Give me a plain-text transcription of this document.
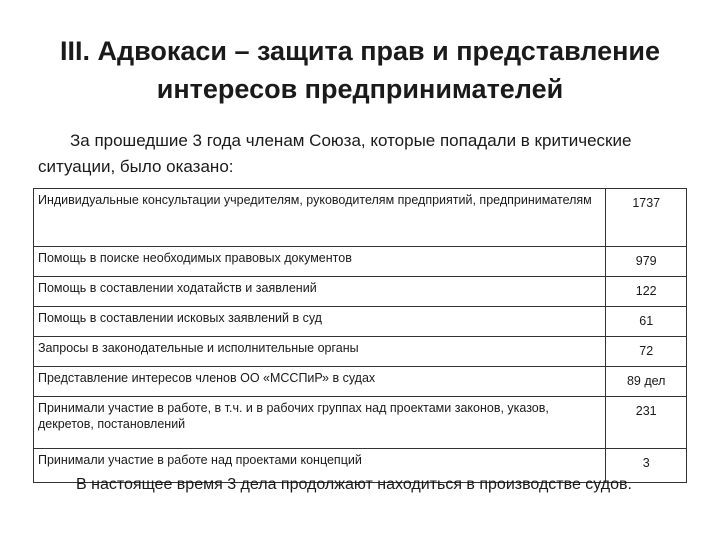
III. Адвокаси – защита прав и представление
интересов предпринимателей

За прошедшие 3 года членам Союза, которые попадали в критические ситуации, было оказано:

Индивидуальные консультации учредителям, руководителям предприятий, предпринимателям	1737
Помощь в поиске необходимых правовых документов	979
Помощь в составлении ходатайств и заявлений	122
Помощь в составлении исковых заявлений в суд	61
Запросы в законодательные и исполнительные органы	72
Представление интересов членов ОО «МССПиР» в судах	89 дел
Принимали участие в работе, в т.ч. и в рабочих группах над проектами законов, указов, декретов, постановлений	231
Принимали участие в работе над проектами концепций	3

В настоящее время 3 дела продолжают находиться в производстве судов.
